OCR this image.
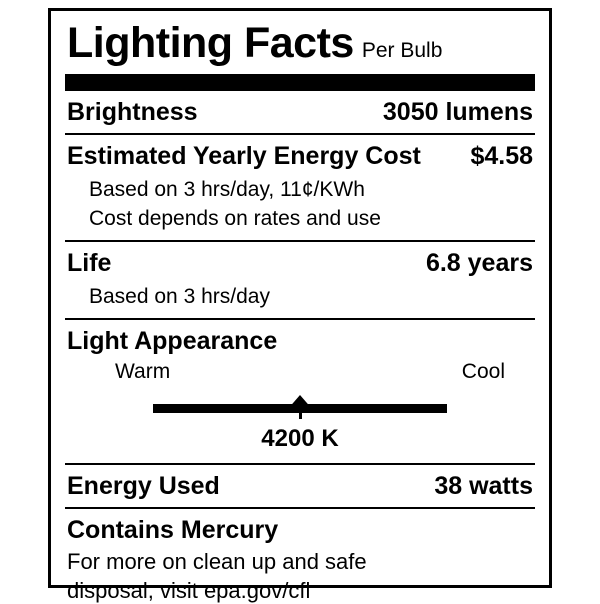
Lighting Facts Per Bulb
Brightness	3050 lumens
Estimated Yearly Energy Cost $4.58
Based on 3 hrs/day, 11¢/KWh
Cost depends on rates and use
Life	6.8 years
Based on 3 hrs/day
Light Appearance
Warm	Cool
4200 K
Energy Used	38 watts
Contains Mercury
For more on clean up and safe
disposal, visit epa.gov/cfl
